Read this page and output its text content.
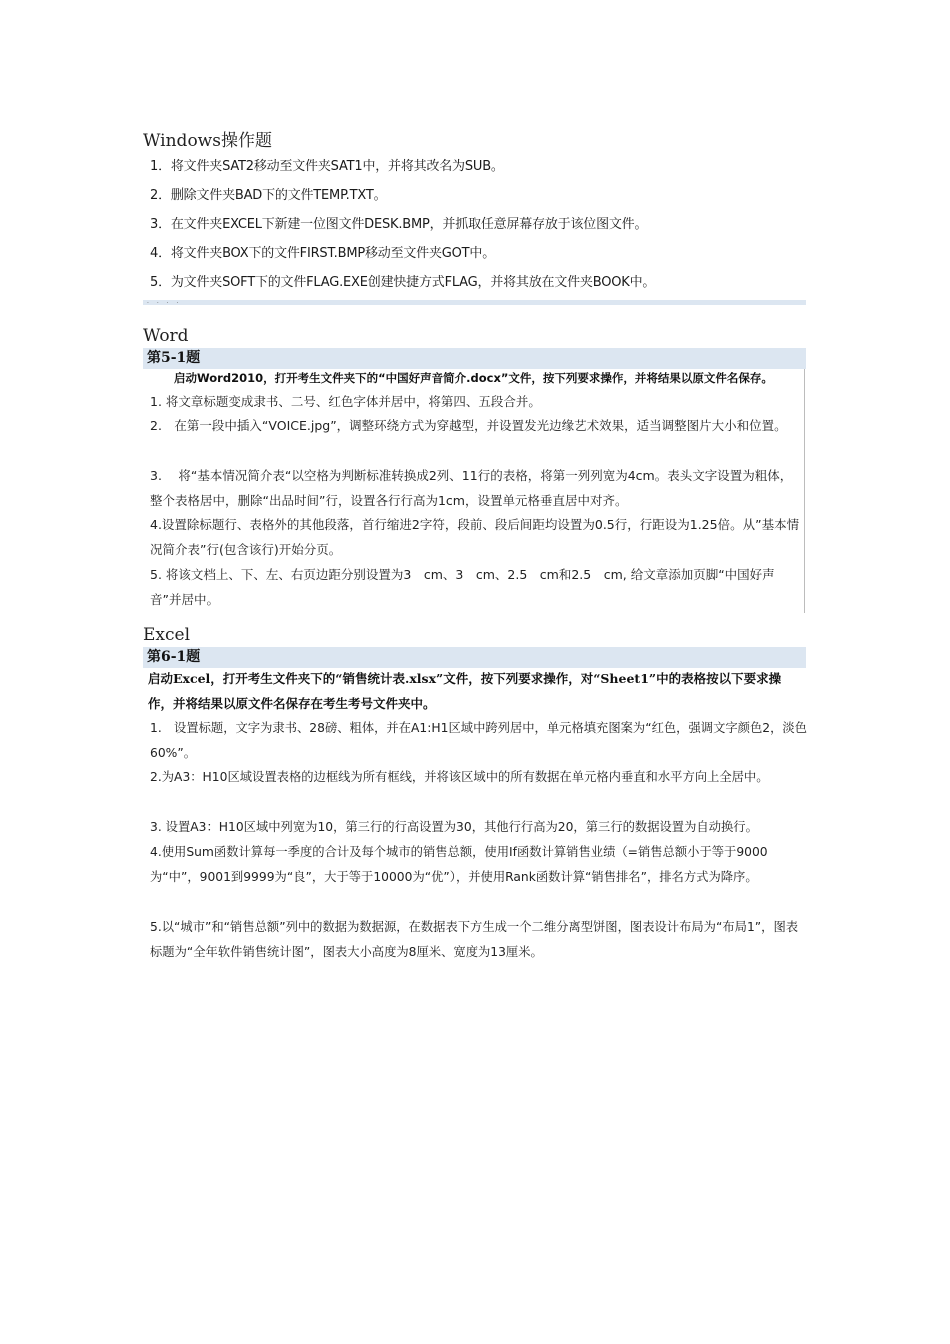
Windows操作题
1．将文件夹SAT2移动至文件夹SAT1中，并将其改名为SUB。
2．删除文件夹BAD下的文件TEMP.TXT。
3．在文件夹EXCEL下新建一位图文件DESK.BMP，并抓取任意屏幕存放于该位图文件。
4．将文件夹BOX下的文件FIRST.BMP移动至文件夹GOT中。
5．为文件夹SOFT下的文件FLAG.EXE创建快捷方式FLAG，并将其放在文件夹BOOK中。
· · · ·
Word
第5-1题
启动Word2010，打开考生文件夹下的“中国好声音简介.docx”文件，按下列要求操作，并将结果以原文件名保存。
1. 将文章标题变成隶书、二号、红色字体并居中，将第四、五段合并。
2.　在第一段中插入“VOICE.jpg”，调整环绕方式为穿越型，并设置发光边缘艺术效果，适当调整图片大小和位置。
3.　 将“基本情况简介表“以空格为判断标准转换成2列、11行的表格，将第一列列宽为4cm。表头文字设置为粗体，整个表格居中，删除“出品时间”行，设置各行行高为1cm，设置单元格垂直居中对齐。
4.设置除标题行、表格外的其他段落，首行缩进2字符，段前、段后间距均设置为0.5行，行距设为1.25倍。从”基本情况简介表”行(包含该行)开始分页。
5. 将该文档上、下、左、右页边距分别设置为3　cm、3　cm、2.5　cm和2.5　cm, 给文章添加页脚“中国好声音”并居中。
Excel
第6-1题
启动Excel，打开考生文件夹下的“销售统计表.xlsx”文件，按下列要求操作，对“Sheet1”中的表格按以下要求操作，并将结果以原文件名保存在考生考号文件夹中。
1.　设置标题，文字为隶书、28磅、粗体，并在A1:H1区域中跨列居中，单元格填充图案为“红色，强调文字颜色2，淡色60%”。
2.为A3：H10区域设置表格的边框线为所有框线，并将该区域中的所有数据在单元格内垂直和水平方向上全居中。
3. 设置A3：H10区域中列宽为10，第三行的行高设置为30，其他行行高为20，第三行的数据设置为自动换行。
4.使用Sum函数计算每一季度的合计及每个城市的销售总额，使用If函数计算销售业绩（=销售总额小于等于9000为“中”，9001到9999为“良”，大于等于10000为“优”），并使用Rank函数计算“销售排名”，排名方式为降序。
5.以“城市”和“销售总额”列中的数据为数据源，在数据表下方生成一个二维分离型饼图，图表设计布局为“布局1”，图表标题为“全年软件销售统计图”，图表大小高度为8厘米、宽度为13厘米。
